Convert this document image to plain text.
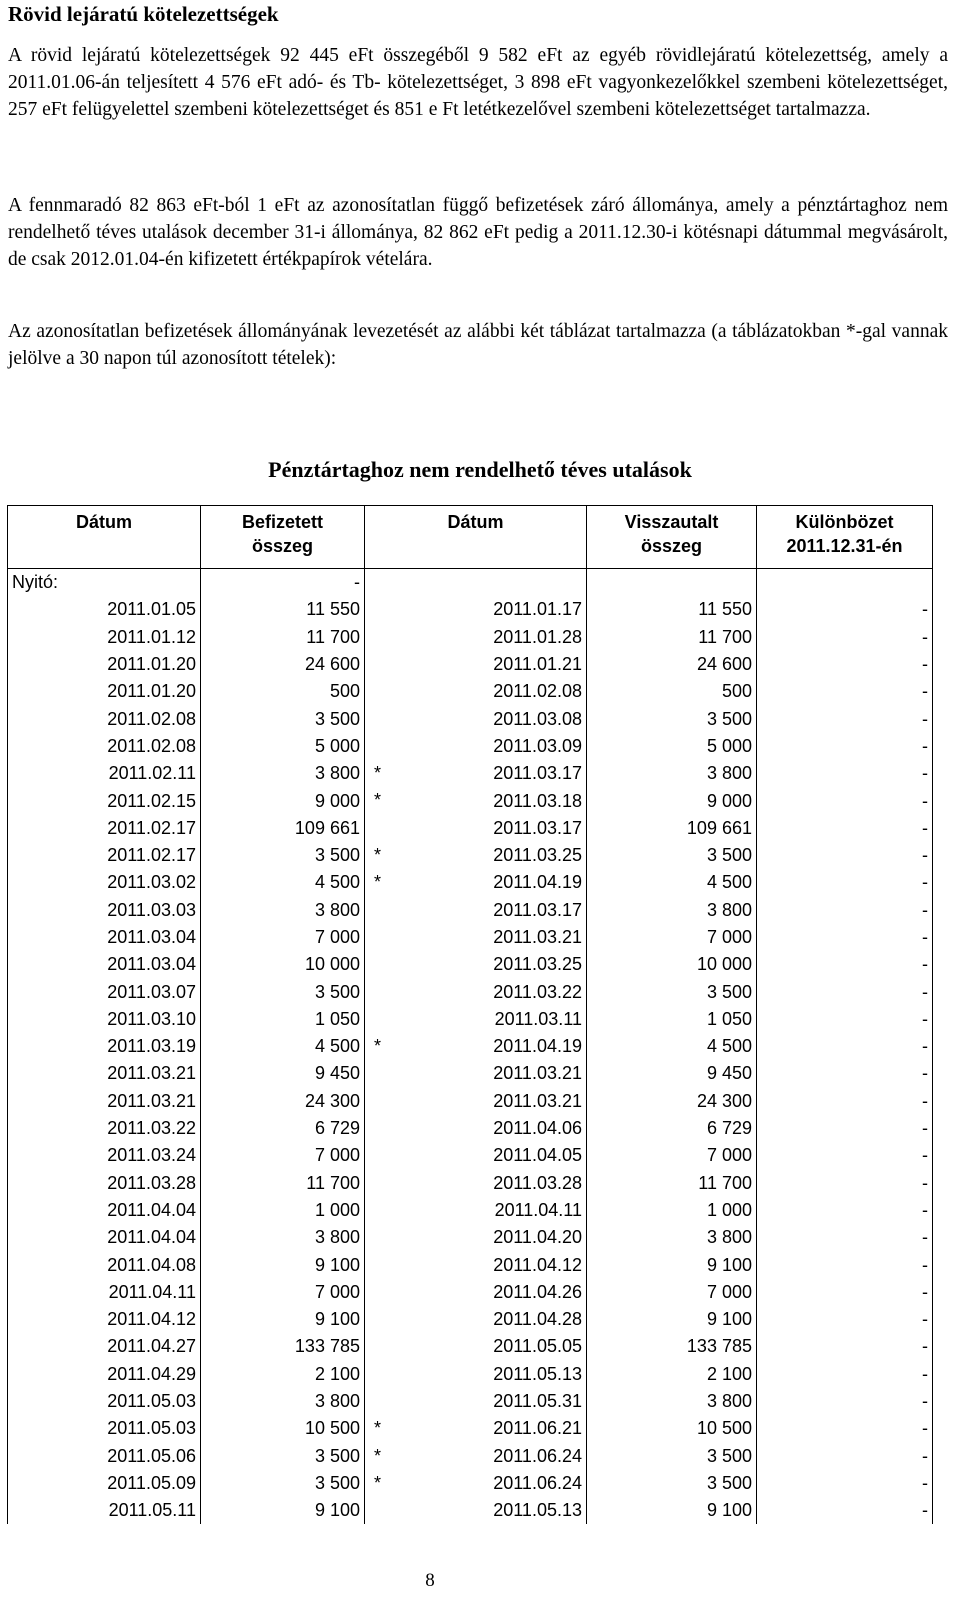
Rövid lejáratú kötelezettségek

A rövid lejáratú kötelezettségek 92 445 eFt összegéből 9 582 eFt az egyéb rövidlejáratú kötelezettség, amely a 2011.01.06-án teljesített 4 576 eFt adó- és Tb- kötelezettséget, 3 898 eFt vagyonkezelőkkel szembeni kötelezettséget, 257 eFt felügyelettel szembeni kötelezettséget és 851 e Ft letétkezelővel szembeni kötelezettséget tartalmazza.

A fennmaradó 82 863 eFt-ból 1 eFt az azonosítatlan függő befizetések záró állománya, amely a pénztártaghoz nem rendelhető téves utalások december 31-i állománya, 82 862 eFt pedig a 2011.12.30-i kötésnapi dátummal megvásárolt, de csak 2012.01.04-én kifizetett értékpapírok vételára.

Az azonosítatlan befizetések állományának levezetését az alábbi két táblázat tartalmazza (a táblázatokban *-gal vannak jelölve a 30 napon túl azonosított tételek):

Pénztártaghoz nem rendelhető téves utalások
Dátum	Befizetett
összeg	Dátum	Visszautalt
összeg	Különbözet
2011.12.31-én
Nyitó:	-			
2011.01.05	11 550	2011.01.17	11 550	-
2011.01.12	11 700	2011.01.28	11 700	-
2011.01.20	24 600	2011.01.21	24 600	-
2011.01.20	500	2011.02.08	500	-
2011.02.08	3 500	2011.03.08	3 500	-
2011.02.08	5 000	2011.03.09	5 000	-
2011.02.11	3 800	* 2011.03.17	3 800	-
2011.02.15	9 000	* 2011.03.18	9 000	-
2011.02.17	109 661	2011.03.17	109 661	-
2011.02.17	3 500	* 2011.03.25	3 500	-
2011.03.02	4 500	* 2011.04.19	4 500	-
2011.03.03	3 800	2011.03.17	3 800	-
2011.03.04	7 000	2011.03.21	7 000	-
2011.03.04	10 000	2011.03.25	10 000	-
2011.03.07	3 500	2011.03.22	3 500	-
2011.03.10	1 050	2011.03.11	1 050	-
2011.03.19	4 500	* 2011.04.19	4 500	-
2011.03.21	9 450	2011.03.21	9 450	-
2011.03.21	24 300	2011.03.21	24 300	-
2011.03.22	6 729	2011.04.06	6 729	-
2011.03.24	7 000	2011.04.05	7 000	-
2011.03.28	11 700	2011.03.28	11 700	-
2011.04.04	1 000	2011.04.11	1 000	-
2011.04.04	3 800	2011.04.20	3 800	-
2011.04.08	9 100	2011.04.12	9 100	-
2011.04.11	7 000	2011.04.26	7 000	-
2011.04.12	9 100	2011.04.28	9 100	-
2011.04.27	133 785	2011.05.05	133 785	-
2011.04.29	2 100	2011.05.13	2 100	-
2011.05.03	3 800	2011.05.31	3 800	-
2011.05.03	10 500	* 2011.06.21	10 500	-
2011.05.06	3 500	* 2011.06.24	3 500	-
2011.05.09	3 500	* 2011.06.24	3 500	-
2011.05.11	9 100	2011.05.13	9 100	-
8
